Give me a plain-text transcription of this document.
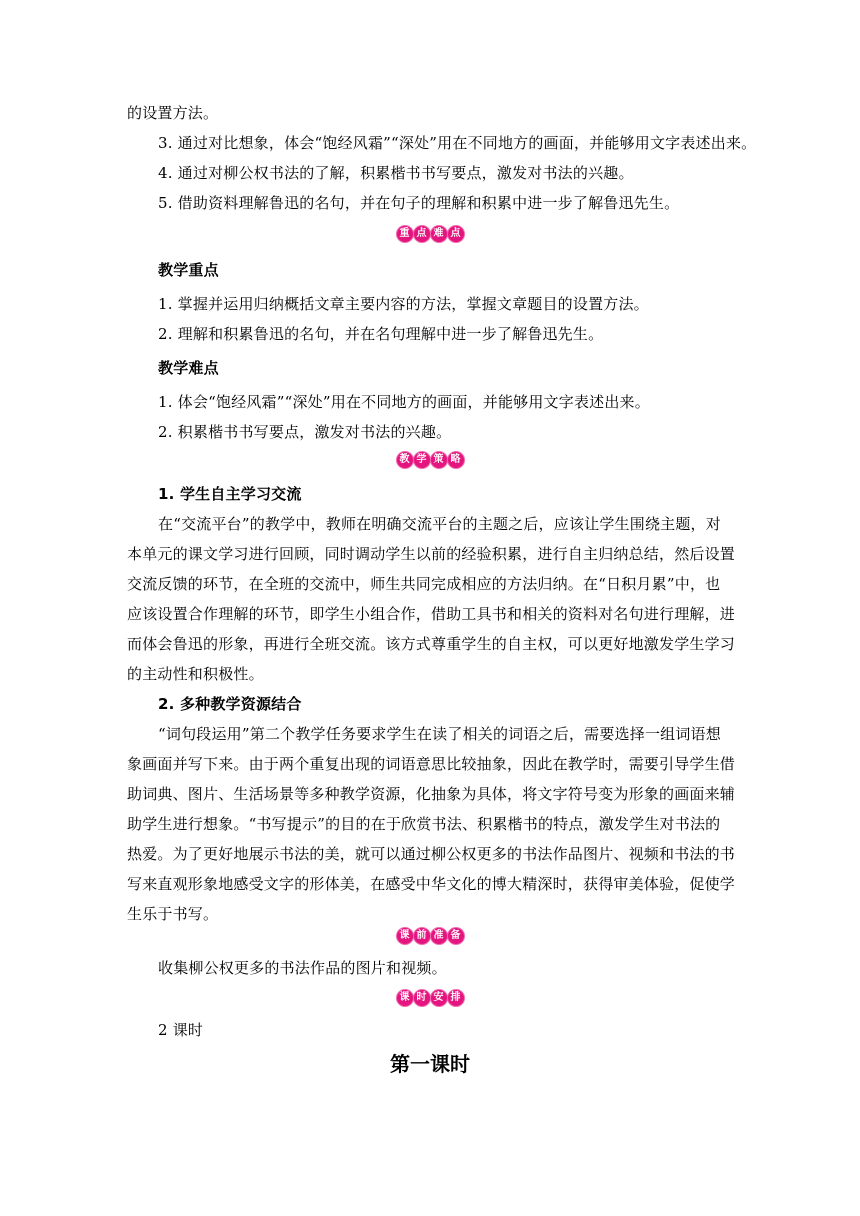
的设置方法。
3. 通过对比想象，体会“饱经风霜”“深处”用在不同地方的画面，并能够用文字表述出来。
4. 通过对柳公权书法的了解，积累楷书书写要点，激发对书法的兴趣。
5. 借助资料理解鲁迅的名句，并在句子的理解和积累中进一步了解鲁迅先生。
重 点 难 点
教学重点
1. 掌握并运用归纳概括文章主要内容的方法，掌握文章题目的设置方法。
2. 理解和积累鲁迅的名句，并在名句理解中进一步了解鲁迅先生。
教学难点
1. 体会“饱经风霜”“深处”用在不同地方的画面，并能够用文字表述出来。
2. 积累楷书书写要点，激发对书法的兴趣。
教 学 策 略
1. 学生自主学习交流
在“交流平台”的教学中，教师在明确交流平台的主题之后，应该让学生围绕主题，对
本单元的课文学习进行回顾，同时调动学生以前的经验积累，进行自主归纳总结，然后设置
交流反馈的环节，在全班的交流中，师生共同完成相应的方法归纳。在“日积月累”中，也
应该设置合作理解的环节，即学生小组合作，借助工具书和相关的资料对名句进行理解，进
而体会鲁迅的形象，再进行全班交流。该方式尊重学生的自主权，可以更好地激发学生学习
的主动性和积极性。
2. 多种教学资源结合
“词句段运用”第二个教学任务要求学生在读了相关的词语之后，需要选择一组词语想
象画面并写下来。由于两个重复出现的词语意思比较抽象，因此在教学时，需要引导学生借
助词典、图片、生活场景等多种教学资源，化抽象为具体，将文字符号变为形象的画面来辅
助学生进行想象。“书写提示”的目的在于欣赏书法、积累楷书的特点，激发学生对书法的
热爱。为了更好地展示书法的美，就可以通过柳公权更多的书法作品图片、视频和书法的书
写来直观形象地感受文字的形体美，在感受中华文化的博大精深时，获得审美体验，促使学
生乐于书写。
课 前 准 备
收集柳公权更多的书法作品的图片和视频。
课 时 安 排
2 课时
第一课时
